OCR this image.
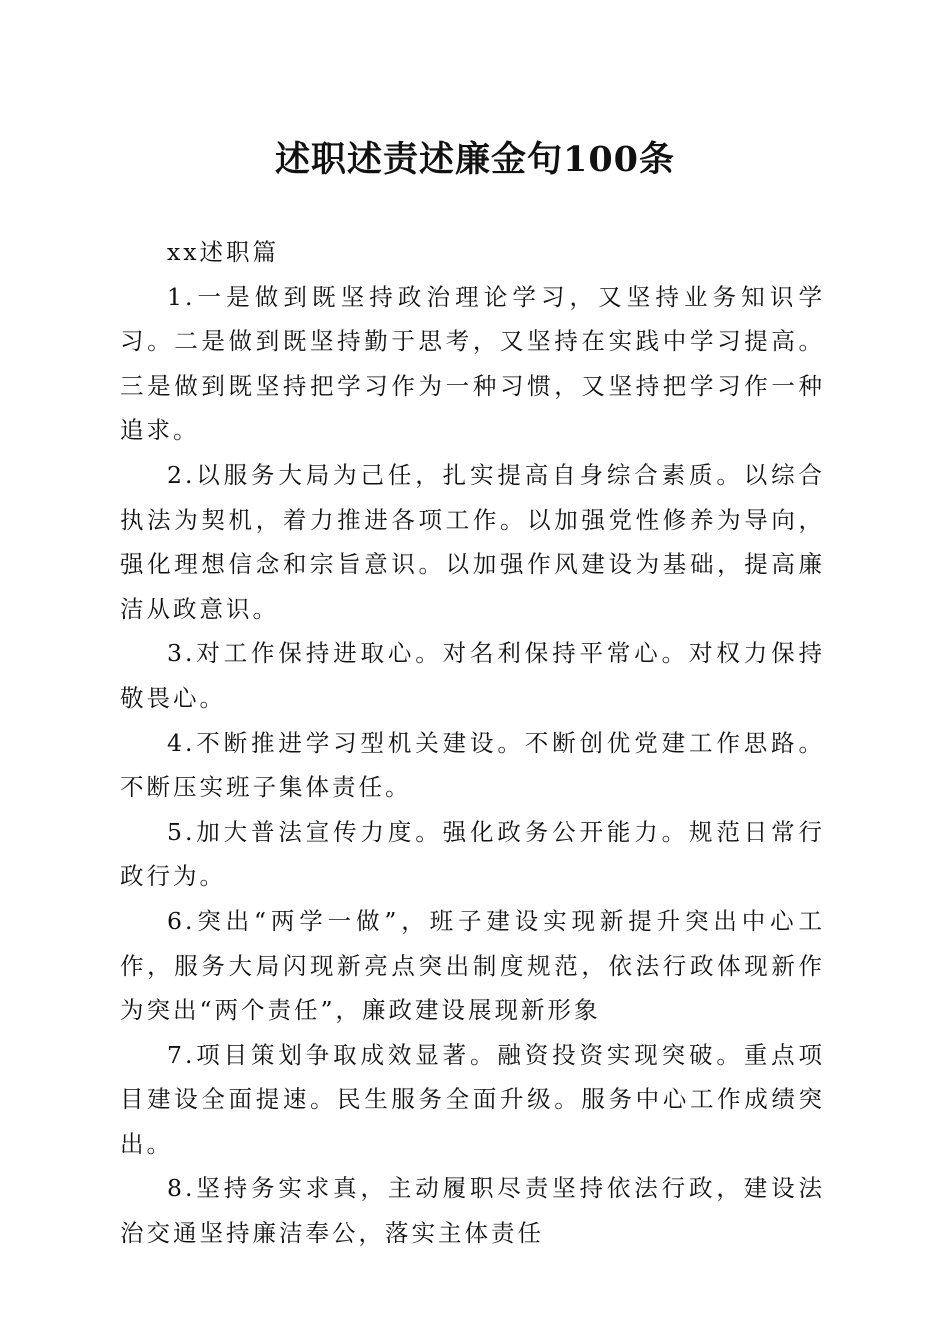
述职述责述廉金句100条

xx述职篇

1.一是做到既坚持政治理论学习，又坚持业务知识学习。二是做到既坚持勤于思考，又坚持在实践中学习提高。三是做到既坚持把学习作为一种习惯，又坚持把学习作一种追求。

2.以服务大局为己任，扎实提高自身综合素质。以综合执法为契机，着力推进各项工作。以加强党性修养为导向，强化理想信念和宗旨意识。以加强作风建设为基础，提高廉洁从政意识。

3.对工作保持进取心。对名利保持平常心。对权力保持敬畏心。

4.不断推进学习型机关建设。不断创优党建工作思路。不断压实班子集体责任。

5.加大普法宣传力度。强化政务公开能力。规范日常行政行为。

6.突出“两学一做”，班子建设实现新提升突出中心工作，服务大局闪现新亮点突出制度规范，依法行政体现新作为突出“两个责任”，廉政建设展现新形象

7.项目策划争取成效显著。融资投资实现突破。重点项目建设全面提速。民生服务全面升级。服务中心工作成绩突出。

8.坚持务实求真，主动履职尽责坚持依法行政，建设法治交通坚持廉洁奉公，落实主体责任
